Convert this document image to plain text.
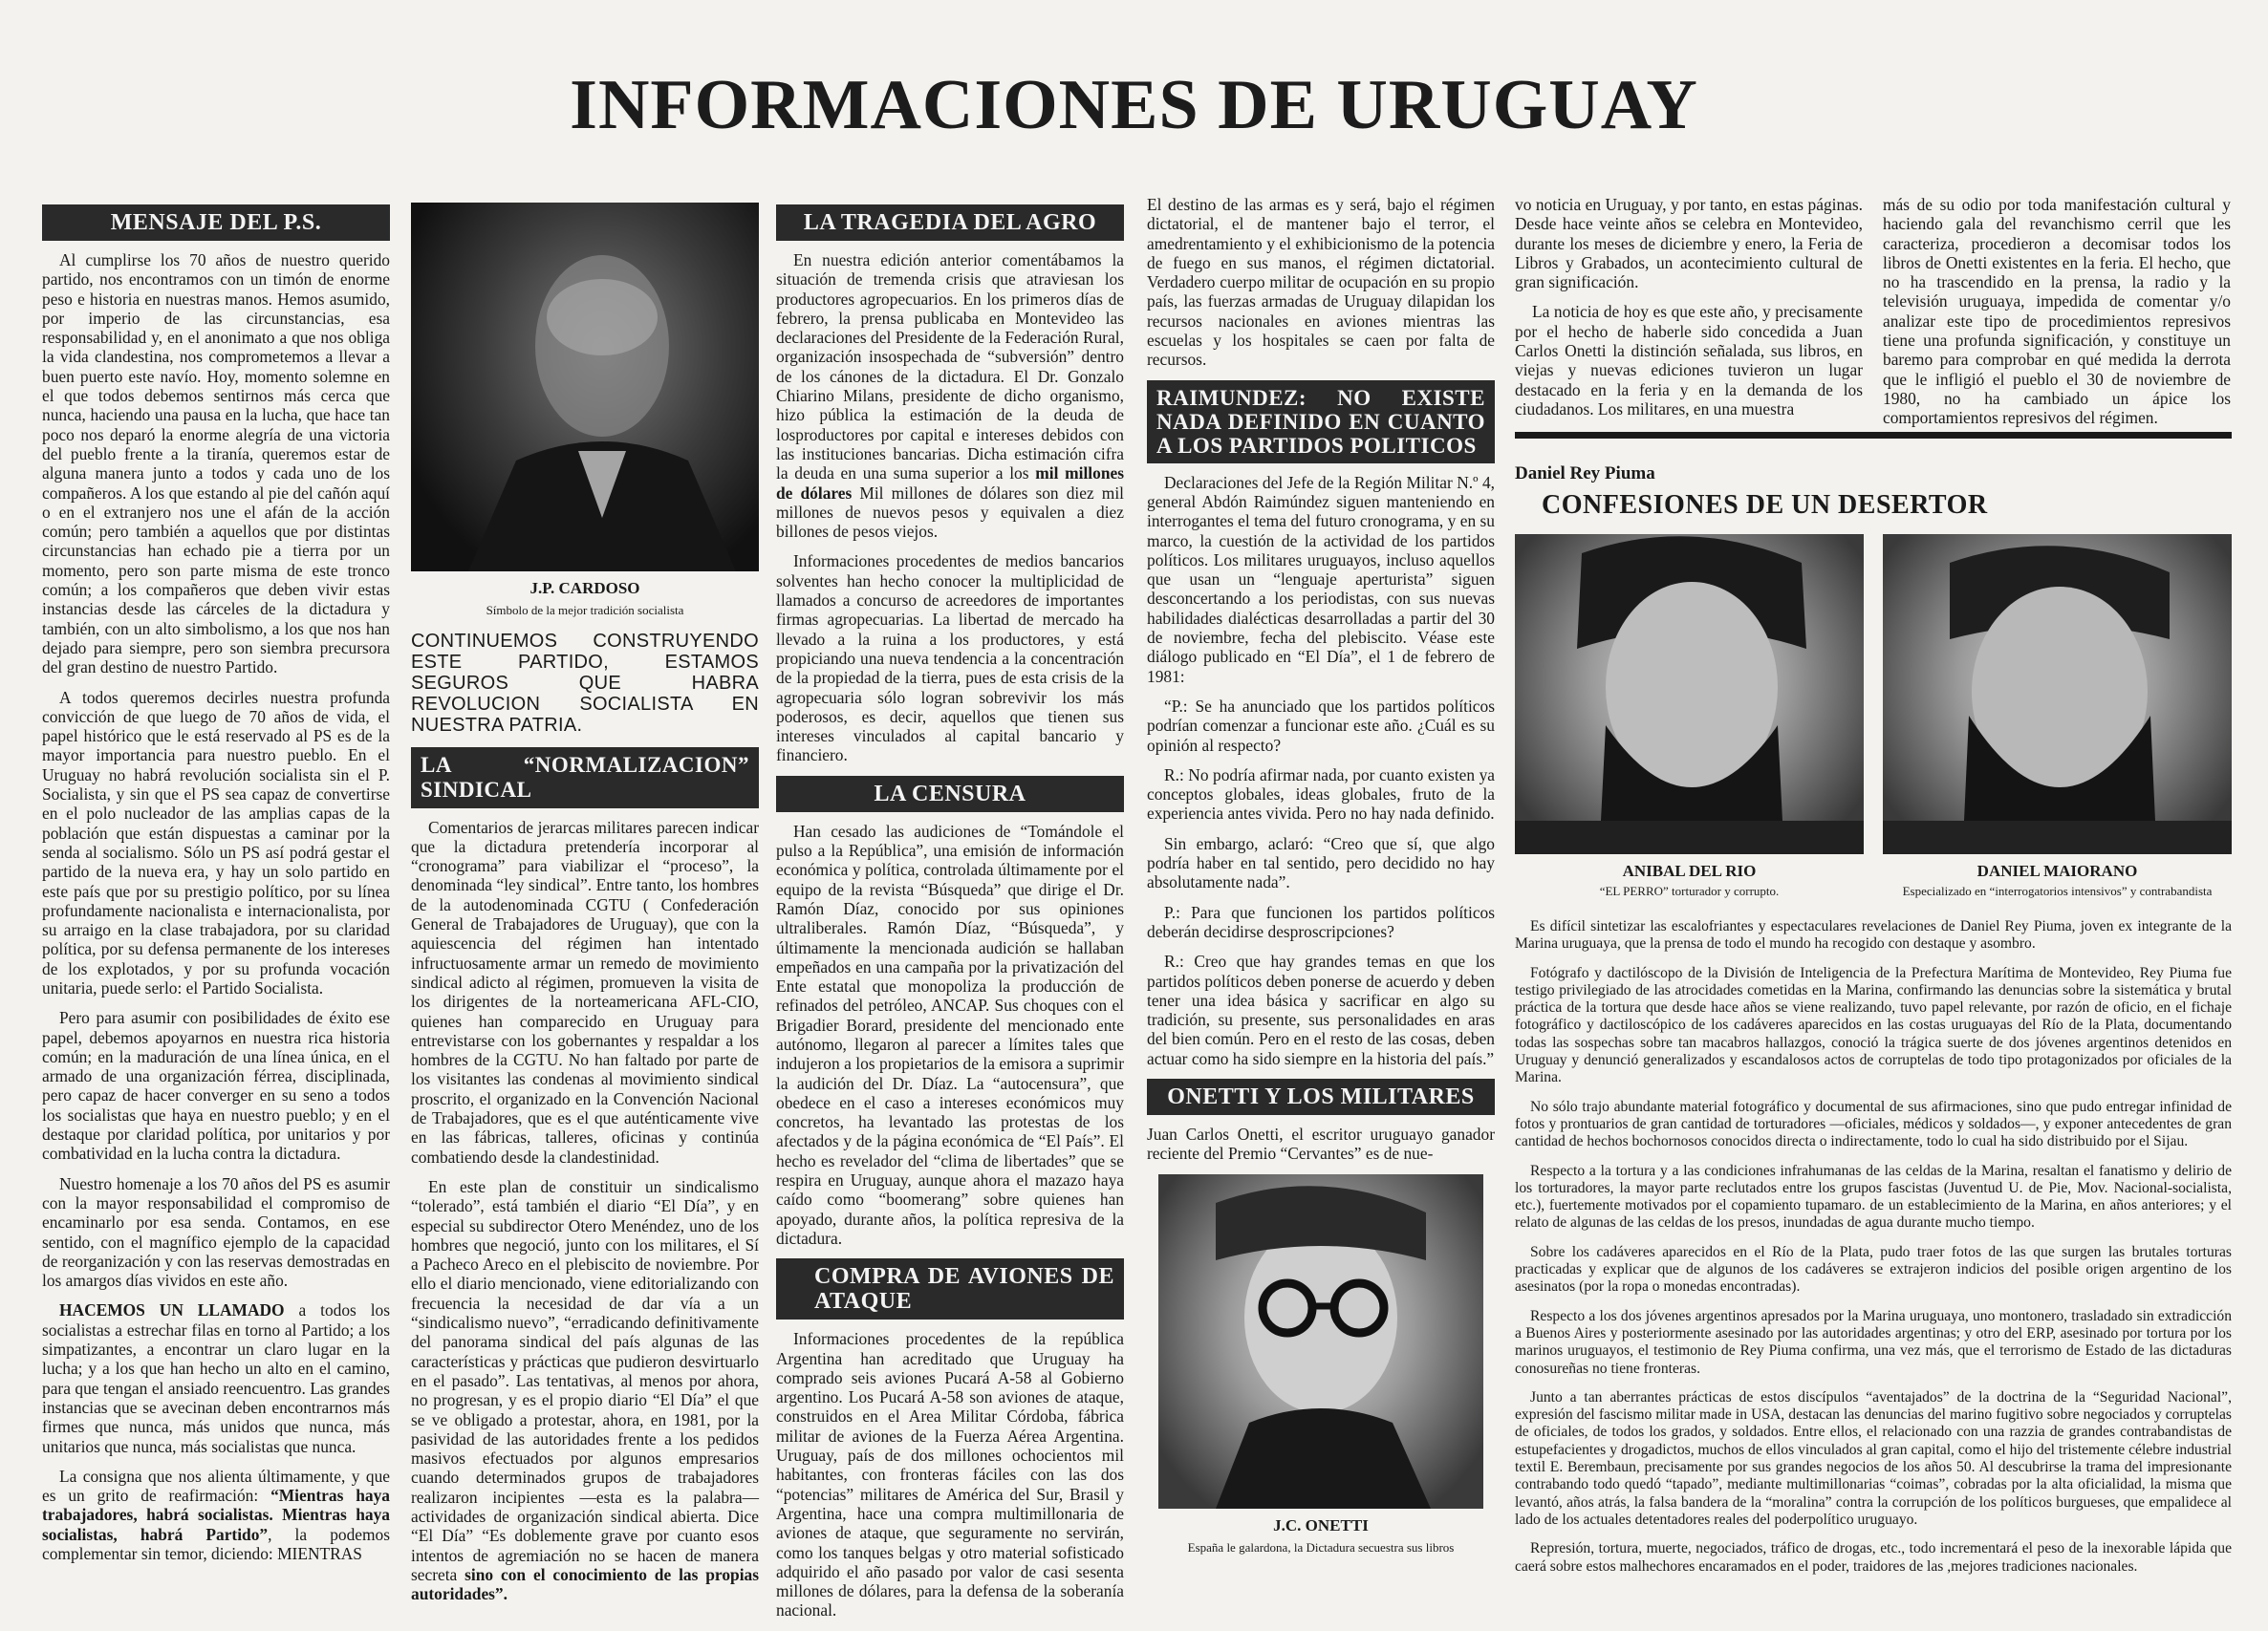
INFORMACIONES DE URUGUAY
MENSAJE DEL P.S.

Al cumplirse los 70 años de nuestro querido partido, nos encontramos con un timón de enorme peso e historia en nuestras manos. Hemos asumido, por imperio de las circunstancias, esa responsabilidad y, en el anonimato a que nos obliga la vida clandestina, nos comprometemos a llevar a buen puerto este navío. Hoy, momento solemne en el que todos debemos sentirnos más cerca que nunca, haciendo una pausa en la lucha, que hace tan poco nos deparó la enorme alegría de una victoria del pueblo frente a la tiranía, queremos estar de alguna manera junto a todos y cada uno de los compañeros. A los que estando al pie del cañón aquí o en el extranjero nos une el afán de la acción común; pero también a aquellos que por distintas circunstancias han echado pie a tierra por un momento, pero son parte misma de este tronco común; a los compañeros que deben vivir estas instancias desde las cárceles de la dictadura y también, con un alto simbolismo, a los que nos han dejado para siempre, pero son siembra precursora del gran destino de nuestro Partido.

A todos queremos decirles nuestra profunda convicción de que luego de 70 años de vida, el papel histórico que le está reservado al PS es de la mayor importancia para nuestro pueblo. En el Uruguay no habrá revolución socialista sin el P. Socialista, y sin que el PS sea capaz de convertirse en el polo nucleador de las amplias capas de la población que están dispuestas a caminar por la senda al socialismo. Sólo un PS así podrá gestar el partido de la nueva era, y hay un solo partido en este país que por su prestigio político, por su línea profundamente nacionalista e internacionalista, por su arraigo en la clase trabajadora, por su claridad política, por su defensa permanente de los intereses de los explotados, y por su profunda vocación unitaria, puede serlo: el Partido Socialista.

Pero para asumir con posibilidades de éxito ese papel, debemos apoyarnos en nuestra rica historia común; en la maduración de una línea única, en el armado de una organización férrea, disciplinada, pero capaz de hacer converger en su seno a todos los socialistas que haya en nuestro pueblo; y en el destaque por claridad política, por unitarios y por combatividad en la lucha contra la dictadura.

Nuestro homenaje a los 70 años del PS es asumir con la mayor responsabilidad el compromiso de encaminarlo por esa senda. Contamos, en ese sentido, con el magnífico ejemplo de la capacidad de reorganización y con las reservas demostradas en los amargos días vividos en este año.

HACEMOS UN LLAMADO a todos los socialistas a estrechar filas en torno al Partido; a los simpatizantes, a encontrar un claro lugar en la lucha; y a los que han hecho un alto en el camino, para que tengan el ansiado reencuentro. Las grandes instancias que se avecinan deben encontrarnos más firmes que nunca, más unidos que nunca, más unitarios que nunca, más socialistas que nunca.

La consigna que nos alienta últimamente, y que es un grito de reafirmación: “Mientras haya trabajadores, habrá socialistas. Mientras haya socialistas, habrá Partido”, la podemos complementar sin temor, diciendo: MIENTRAS

J.P. CARDOSO
Símbolo de la mejor tradición socialista
CONTINUEMOS CONSTRUYENDO ESTE PARTIDO, ESTAMOS SEGUROS QUE HABRA REVOLUCION SOCIALISTA EN NUESTRA PATRIA.
LA “NORMALIZACION” SINDICAL

Comentarios de jerarcas militares parecen indicar que la dictadura pretendería incorporar al “cronograma” para viabilizar el “proceso”, la denominada “ley sindical”. Entre tanto, los hombres de la autodenominada CGTU ( Confederación General de Trabajadores de Uruguay), que con la aquiescencia del régimen han intentado infructuosamente armar un remedo de movimiento sindical adicto al régimen, promueven la visita de los dirigentes de la norteamericana AFL-CIO, quienes han comparecido en Uruguay para entrevistarse con los gobernantes y respaldar a los hombres de la CGTU. No han faltado por parte de los visitantes las condenas al movimiento sindical proscrito, el organizado en la Convención Nacional de Trabajadores, que es el que auténticamente vive en las fábricas, talleres, oficinas y continúa combatiendo desde la clandestinidad.

En este plan de constituir un sindicalismo “tolerado”, está también el diario “El Día”, y en especial su subdirector Otero Menéndez, uno de los hombres que negoció, junto con los militares, el Sí a Pacheco Areco en el plebiscito de noviembre. Por ello el diario mencionado, viene editorializando con frecuencia la necesidad de dar vía a un “sindicalismo nuevo”, “erradicando definitivamente del panorama sindical del país algunas de las características y prácticas que pudieron desvirtuarlo en el pasado”. Las tentativas, al menos por ahora, no progresan, y es el propio diario “El Día” el que se ve obligado a protestar, ahora, en 1981, por la pasividad de las autoridades frente a los pedidos masivos efectuados por algunos empresarios cuando determinados grupos de trabajadores realizaron incipientes —esta es la palabra— actividades de organización sindical abierta. Dice “El Día” “Es doblemente grave por cuanto esos intentos de agremiación no se hacen de manera secreta sino con el conocimiento de las propias autoridades”.

LA TRAGEDIA DEL AGRO

En nuestra edición anterior comentábamos la situación de tremenda crisis que atraviesan los productores agropecuarios. En los primeros días de febrero, la prensa publicaba en Montevideo las declaraciones del Presidente de la Federación Rural, organización insospechada de “subversión” dentro de los cánones de la dictadura. El Dr. Gonzalo Chiarino Milans, presidente de dicho organismo, hizo pública la estimación de la deuda de losproductores por capital e intereses debidos con las instituciones bancarias. Dicha estimación cifra la deuda en una suma superior a los mil millones de dólares Mil millones de dólares son diez mil millones de nuevos pesos y equivalen a diez billones de pesos viejos.

Informaciones procedentes de medios bancarios solventes han hecho conocer la multiplicidad de llamados a concurso de acreedores de importantes firmas agropecuarias. La libertad de mercado ha llevado a la ruina a los productores, y está propiciando una nueva tendencia a la concentración de la propiedad de la tierra, pues de esta crisis de la agropecuaria sólo logran sobrevivir los más poderosos, es decir, aquellos que tienen sus intereses vinculados al capital bancario y financiero.

LA CENSURA

Han cesado las audiciones de “Tomándole el pulso a la República”, una emisión de información económica y política, controlada últimamente por el equipo de la revista “Búsqueda” que dirige el Dr. Ramón Díaz, conocido por sus opiniones ultraliberales. Ramón Díaz, “Búsqueda”, y últimamente la mencionada audición se hallaban empeñados en una campaña por la privatización del Ente estatal que monopoliza la producción de refinados del petróleo, ANCAP. Sus choques con el Brigadier Borard, presidente del mencionado ente autónomo, llegaron al parecer a límites tales que indujeron a los propietarios de la emisora a suprimir la audición del Dr. Díaz. La “autocensura”, que obedece en el caso a intereses económicos muy concretos, ha levantado las protestas de los afectados y de la página económica de “El País”. El hecho es revelador del “clima de libertades” que se respira en Uruguay, aunque ahora el mazazo haya caído como “boomerang” sobre quienes han apoyado, durante años, la política represiva de la dictadura.

COMPRA DE AVIONES DE ATAQUE

Informaciones procedentes de la república Argentina han acreditado que Uruguay ha comprado seis aviones Pucará A-58 al Gobierno argentino. Los Pucará A-58 son aviones de ataque, construidos en el Area Militar Córdoba, fábrica militar de aviones de la Fuerza Aérea Argentina. Uruguay, país de dos millones ochocientos mil habitantes, con fronteras fáciles con las dos “potencias” militares de América del Sur, Brasil y Argentina, hace una compra multimillonaria de aviones de ataque, que seguramente no servirán, como los tanques belgas y otro material sofisticado adquirido el año pasado por valor de casi sesenta millones de dólares, para la defensa de la soberanía nacional.

El destino de las armas es y será, bajo el régimen dictatorial, el de mantener bajo el terror, el amedrentamiento y el exhibicionismo de la potencia de fuego en sus manos, el régimen dictatorial. Verdadero cuerpo militar de ocupación en su propio país, las fuerzas armadas de Uruguay dilapidan los recursos nacionales en aviones mientras las escuelas y los hospitales se caen por falta de recursos.

RAIMUNDEZ: NO EXISTE NADA DEFINIDO EN CUANTO A LOS PARTIDOS POLITICOS

Declaraciones del Jefe de la Región Militar N.º 4, general Abdón Raimúndez siguen manteniendo en interrogantes el tema del futuro cronograma, y en su marco, la cuestión de la actividad de los partidos políticos. Los militares uruguayos, incluso aquellos que usan un “lenguaje aperturista” siguen desconcertando a los periodistas, con sus nuevas habilidades dialécticas desarrolladas a partir del 30 de noviembre, fecha del plebiscito. Véase este diálogo publicado en “El Día”, el 1 de febrero de 1981:

“P.: Se ha anunciado que los partidos políticos podrían comenzar a funcionar este año. ¿Cuál es su opinión al respecto?

R.: No podría afirmar nada, por cuanto existen ya conceptos globales, ideas globales, fruto de la experiencia antes vivida. Pero no hay nada definido.

Sin embargo, aclaró: “Creo que sí, que algo podría haber en tal sentido, pero decidido no hay absolutamente nada”.

P.: Para que funcionen los partidos políticos deberán decidirse desproscripciones?

R.: Creo que hay grandes temas en que los partidos políticos deben ponerse de acuerdo y deben tener una idea básica y sacrificar en algo su tradición, su presente, sus personalidades en aras del bien común. Pero en el resto de las cosas, deben actuar como ha sido siempre en la historia del país.”

ONETTI Y LOS MILITARES

Juan Carlos Onetti, el escritor uruguayo ganador reciente del Premio “Cervantes” es de nue-

J.C. ONETTI
España le galardona, la Dictadura secuestra sus libros

vo noticia en Uruguay, y por tanto, en estas páginas. Desde hace veinte años se celebra en Montevideo, durante los meses de diciembre y enero, la Feria de Libros y Grabados, un acontecimiento cultural de gran significación.

La noticia de hoy es que este año, y precisamente por el hecho de haberle sido concedida a Juan Carlos Onetti la distinción señalada, sus libros, en viejas y nuevas ediciones tuvieron un lugar destacado en la feria y en la demanda de los ciudadanos. Los militares, en una muestra

más de su odio por toda manifestación cultural y haciendo gala del revanchismo cerril que les caracteriza, procedieron a decomisar todos los libros de Onetti existentes en la feria. El hecho, que no ha trascendido en la prensa, la radio y la televisión uruguaya, impedida de comentar y/o analizar este tipo de procedimientos represivos tiene una profunda significación, y constituye un baremo para comprobar en qué medida la derrota que le infligió el pueblo el 30 de noviembre de 1980, no ha cambiado un ápice los comportamientos represivos del régimen.

Daniel Rey Piuma
CONFESIONES DE UN DESERTOR
ANIBAL DEL RIO
“EL PERRO” torturador y corrupto.
DANIEL MAIORANO
Especializado en “interrogatorios intensivos” y contrabandista

Es difícil sintetizar las escalofriantes y espectaculares revelaciones de Daniel Rey Piuma, joven ex integrante de la Marina uruguaya, que la prensa de todo el mundo ha recogido con destaque y asombro.

Fotógrafo y dactilóscopo de la División de Inteligencia de la Prefectura Marítima de Montevideo, Rey Piuma fue testigo privilegiado de las atrocidades cometidas en la Marina, confirmando las denuncias sobre la sistemática y brutal práctica de la tortura que desde hace años se viene realizando, tuvo papel relevante, por razón de oficio, en el fichaje fotográfico y dactiloscópico de los cadáveres aparecidos en las costas uruguayas del Río de la Plata, documentando todas las sospechas sobre tan macabros hallazgos, conoció la trágica suerte de dos jóvenes argentinos detenidos en Uruguay y denunció generalizados y escandalosos actos de corruptelas de todo tipo protagonizados por oficiales de la Marina.

No sólo trajo abundante material fotográfico y documental de sus afirmaciones, sino que pudo entregar infinidad de fotos y prontuarios de gran cantidad de torturadores —oficiales, médicos y soldados—, y exponer antecedentes de gran cantidad de hechos bochornosos conocidos directa o indirectamente, todo lo cual ha sido distribuido por el Sijau.

Respecto a la tortura y a las condiciones infrahumanas de las celdas de la Marina, resaltan el fanatismo y delirio de los torturadores, la mayor parte reclutados entre los grupos fascistas (Juventud U. de Pie, Mov. Nacional-socialista, etc.), fuertemente motivados por el copamiento tupamaro. de un establecimiento de la Marina, en años anteriores; y el relato de algunas de las celdas de los presos, inundadas de agua durante mucho tiempo.

Sobre los cadáveres aparecidos en el Río de la Plata, pudo traer fotos de las que surgen las brutales torturas practicadas y explicar que de algunos de los cadáveres se extrajeron indicios del posible origen argentino de los asesinatos (por la ropa o monedas encontradas).

Respecto a los dos jóvenes argentinos apresados por la Marina uruguaya, uno montonero, trasladado sin extradicción a Buenos Aires y posteriormente asesinado por las autoridades argentinas; y otro del ERP, asesinado por tortura por los marinos uruguayos, el testimonio de Rey Piuma confirma, una vez más, que el terrorismo de Estado de las dictaduras conosureñas no tiene fronteras.

Junto a tan aberrantes prácticas de estos discípulos “aventajados” de la doctrina de la “Seguridad Nacional”, expresión del fascismo militar made in USA, destacan las denuncias del marino fugitivo sobre negociados y corruptelas de oficiales, de todos los grados, y soldados. Entre ellos, el relacionado con una razzia de grandes contrabandistas de estupefacientes y drogadictos, muchos de ellos vinculados al gran capital, como el hijo del tristemente célebre industrial textil E. Berembaun, precisamente por sus grandes negocios de los años 50. Al descubrirse la trama del impresionante contrabando todo quedó “tapado”, mediante multimillonarias “coimas”, cobradas por la alta oficialidad, la misma que levantó, años atrás, la falsa bandera de la “moralina” contra la corrupción de los políticos burgueses, que empalidece al lado de los actuales detentadores reales del poderpolítico uruguayo.

Represión, tortura, muerte, negociados, tráfico de drogas, etc., todo incrementará el peso de la inexorable lápida que caerá sobre estos malhechores encaramados en el poder, traidores de las ,mejores tradiciones nacionales.
